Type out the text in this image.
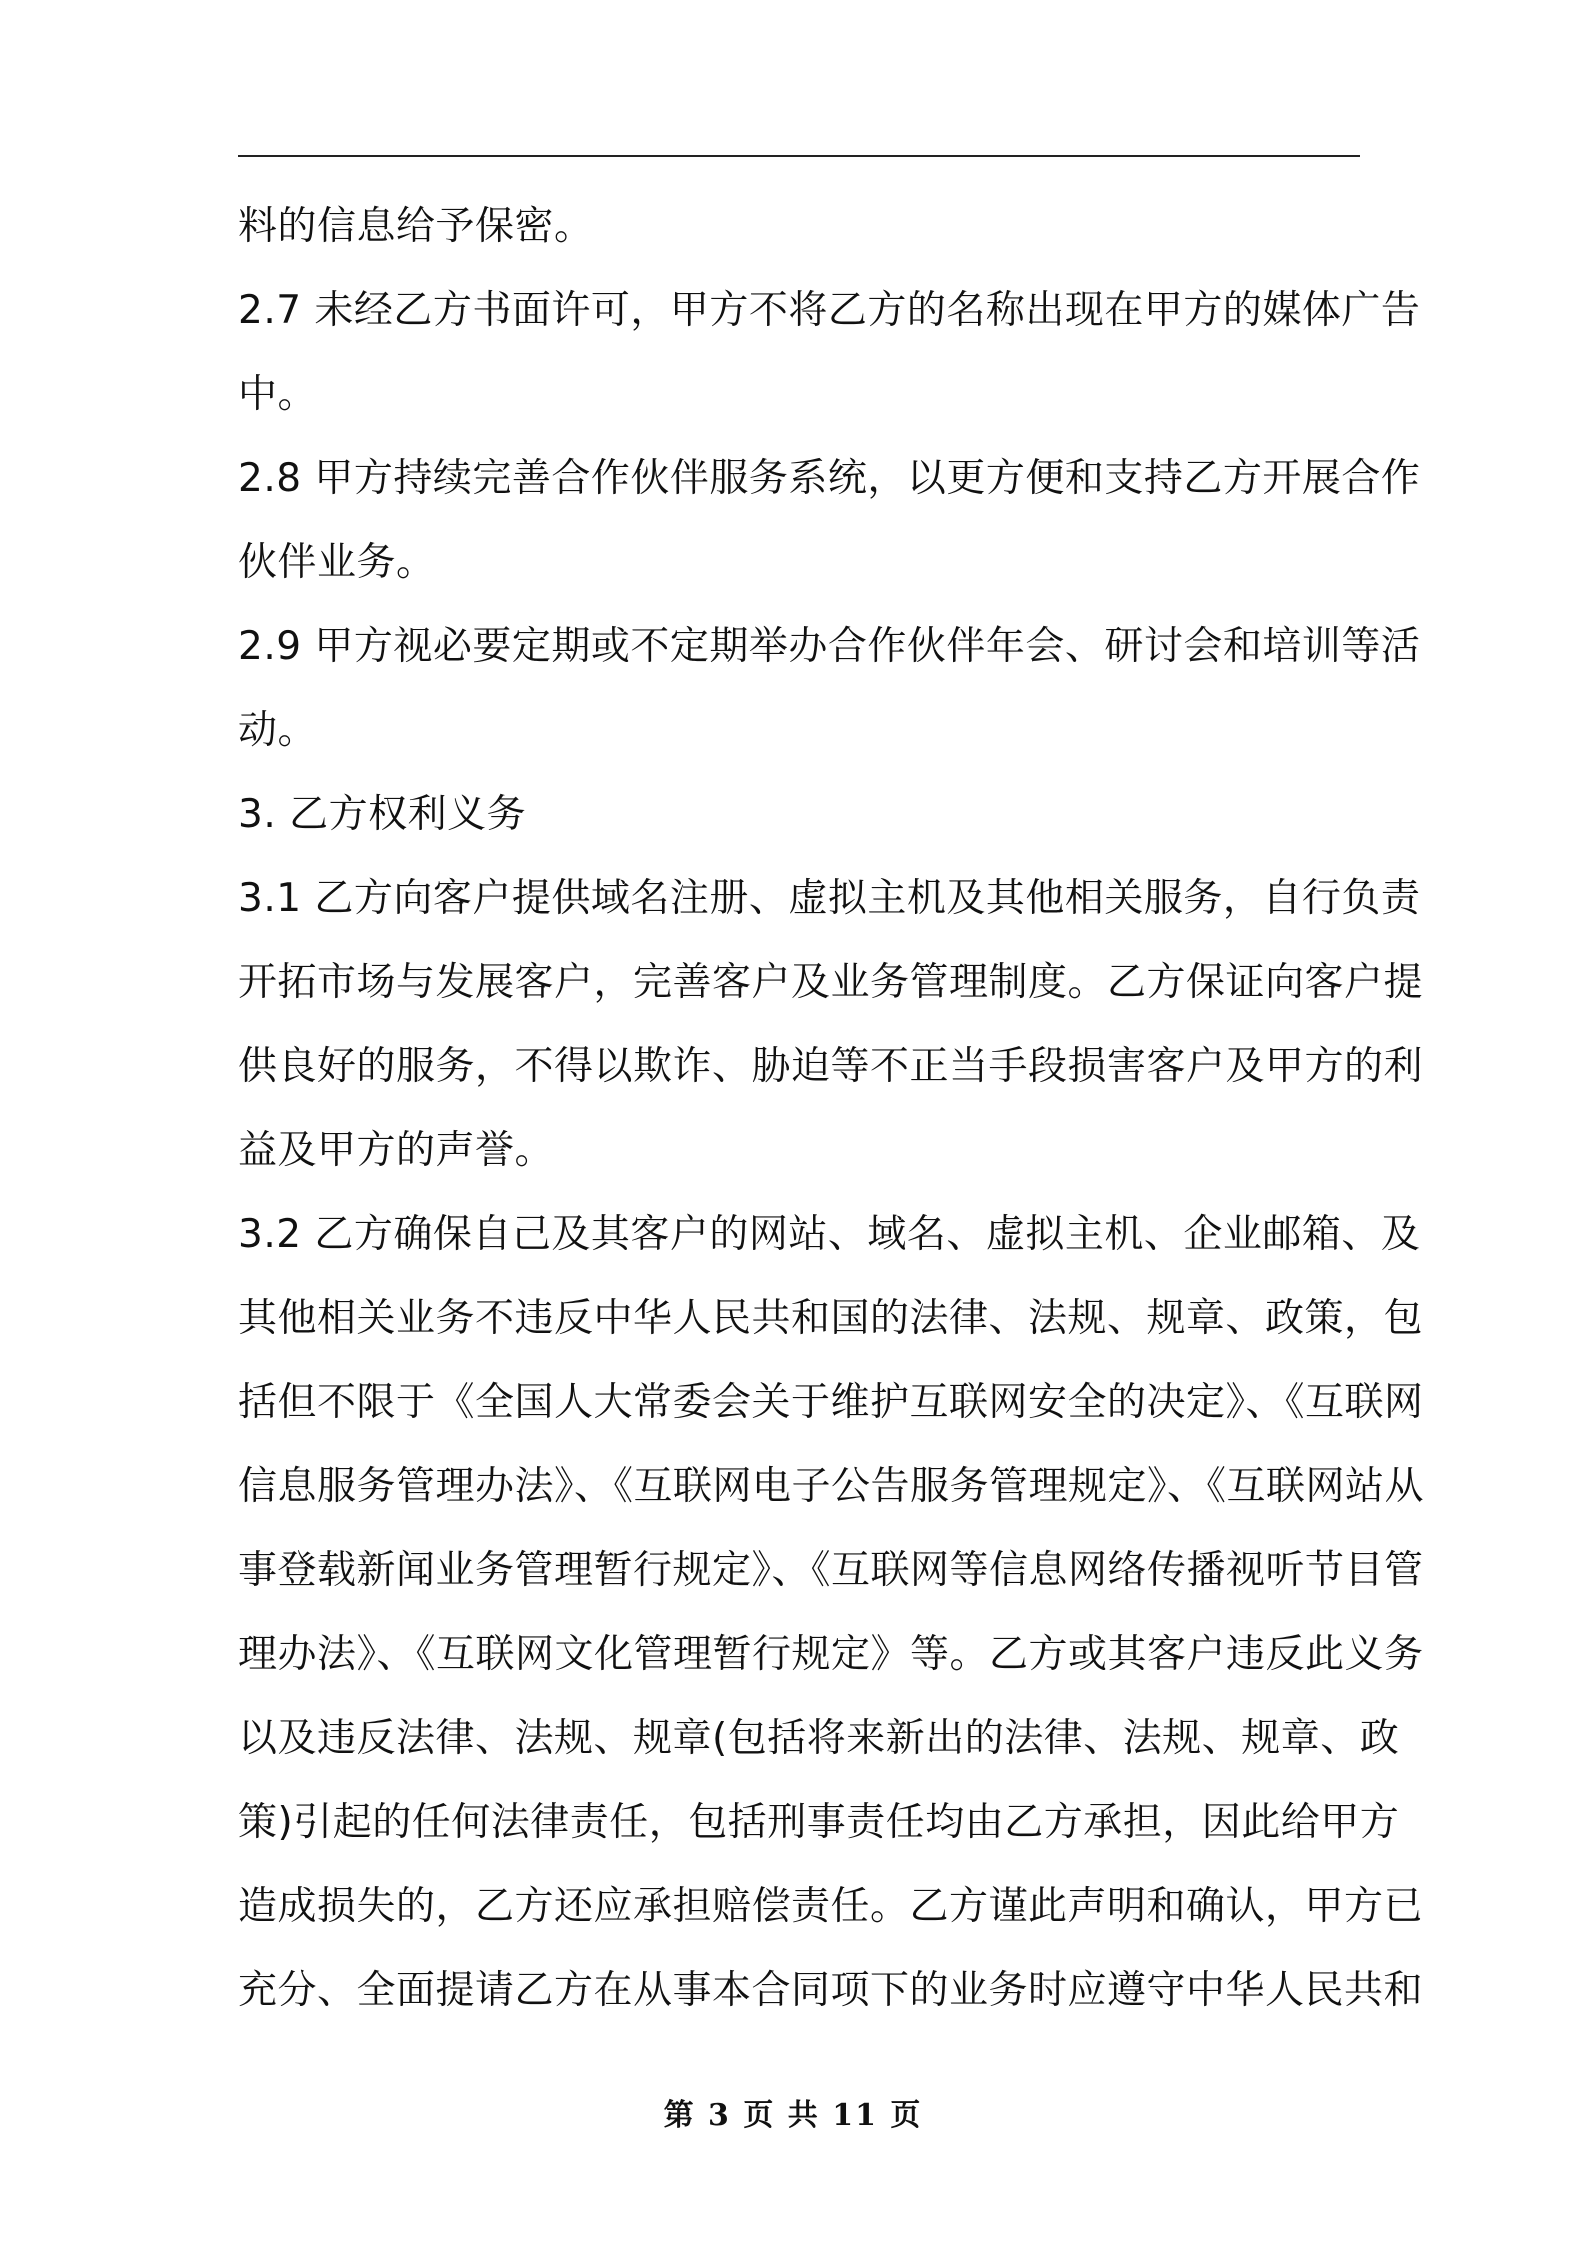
料的信息给予保密。
2.7 未经乙方书面许可，甲方不将乙方的名称出现在甲方的媒体广告
中。
2.8 甲方持续完善合作伙伴服务系统，以更方便和支持乙方开展合作
伙伴业务。
2.9 甲方视必要定期或不定期举办合作伙伴年会、研讨会和培训等活
动。
3. 乙方权利义务
3.1 乙方向客户提供域名注册、虚拟主机及其他相关服务，自行负责
开拓市场与发展客户，完善客户及业务管理制度。乙方保证向客户提
供良好的服务，不得以欺诈、胁迫等不正当手段损害客户及甲方的利
益及甲方的声誉。
3.2 乙方确保自己及其客户的网站、域名、虚拟主机、企业邮箱、及
其他相关业务不违反中华人民共和国的法律、法规、规章、政策，包
括但不限于《全国人大常委会关于维护互联网安全的决定》、《互联网
信息服务管理办法》、《互联网电子公告服务管理规定》、《互联网站从
事登载新闻业务管理暂行规定》、《互联网等信息网络传播视听节目管
理办法》、《互联网文化管理暂行规定》等。乙方或其客户违反此义务
以及违反法律、法规、规章(包括将来新出的法律、法规、规章、政
策)引起的任何法律责任，包括刑事责任均由乙方承担，因此给甲方
造成损失的，乙方还应承担赔偿责任。乙方谨此声明和确认，甲方已
充分、全面提请乙方在从事本合同项下的业务时应遵守中华人民共和
第 3 页 共 11 页
